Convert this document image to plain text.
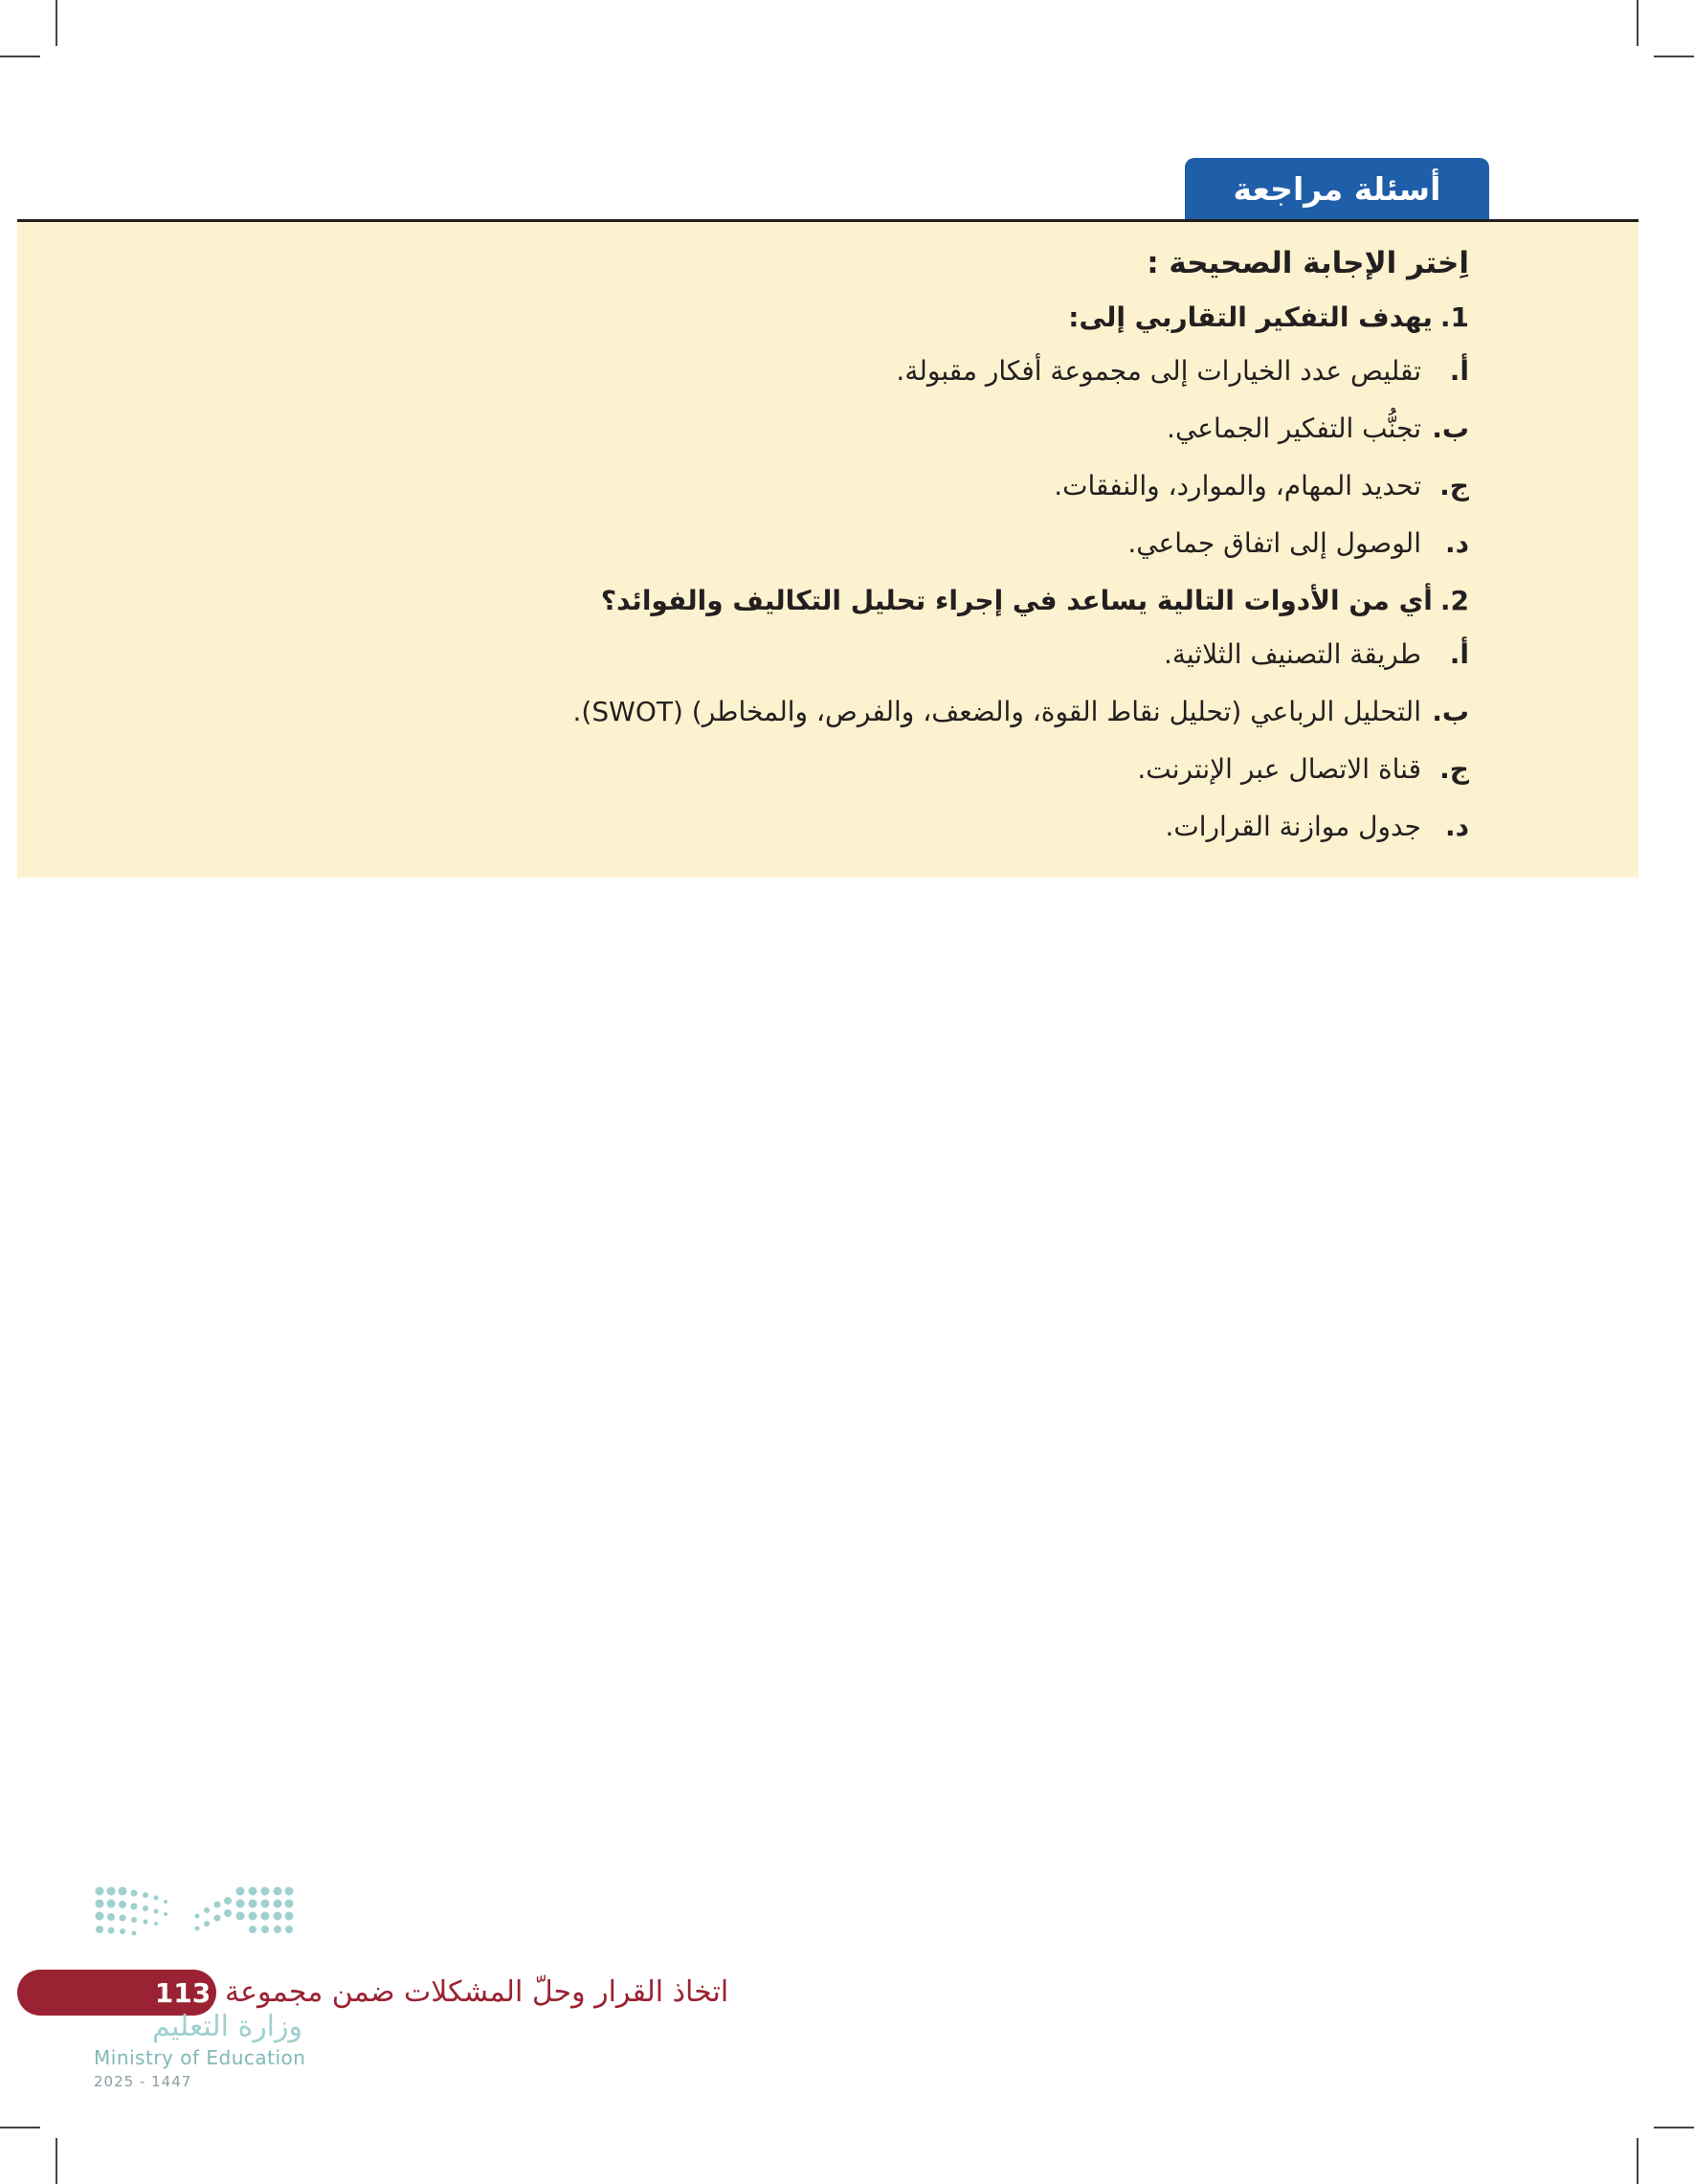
أسئلة مراجعة
اِختر الإجابة الصحيحة :
1.
يهدف التفكير التقاربي إلى:
أ.
تقليص عدد الخيارات إلى مجموعة أفكار مقبولة.
ب.
تجنُّب التفكير الجماعي.
ج.
تحديد المهام، والموارد، والنفقات.
د.
الوصول إلى اتفاق جماعي.
2.
أي من الأدوات التالية يساعد في إجراء تحليل التكاليف والفوائد؟
أ.
طريقة التصنيف الثلاثية.
ب.
التحليل الرباعي (تحليل نقاط القوة، والضعف، والفرص، والمخاطر) (SWOT).
ج.
قناة الاتصال عبر الإنترنت.
د.
جدول موازنة القرارات.
113 اتخاذ القرار وحلّ المشكلات ضمن مجموعة
وزارة التعليم
Ministry of Education
2025 - 1447
